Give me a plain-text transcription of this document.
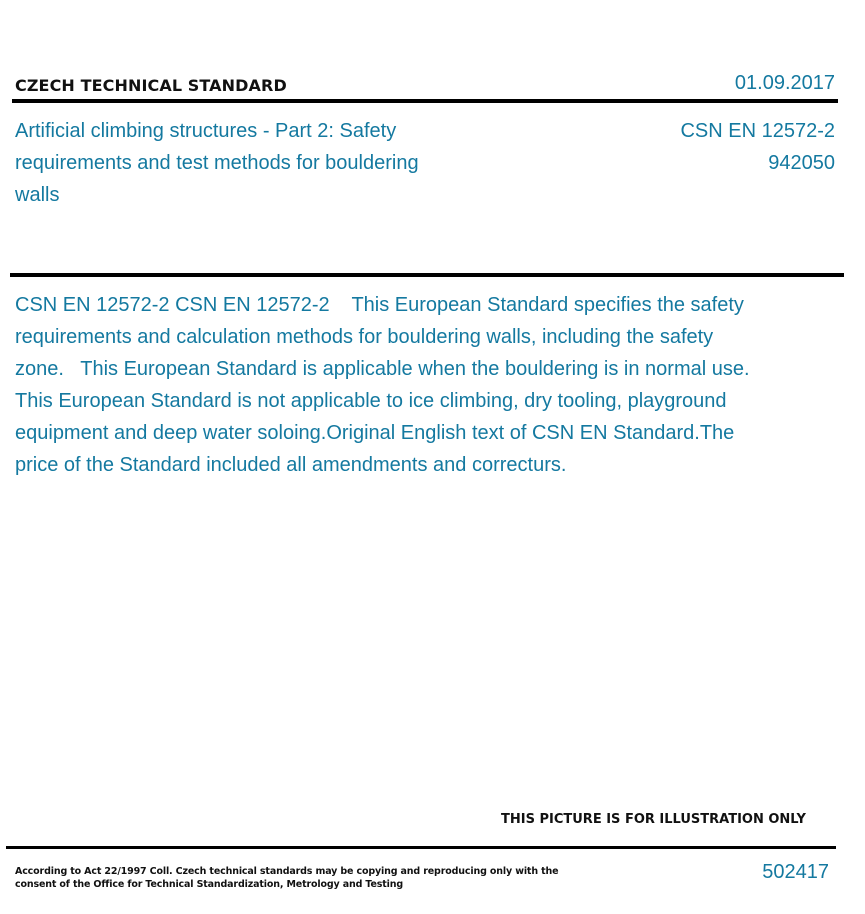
CZECH TECHNICAL STANDARD	01.09.2017
Artificial climbing structures - Part 2: Safety requirements and test methods for bouldering walls
CSN EN 12572-2
942050
CSN EN 12572-2 CSN EN 12572-2    This European Standard specifies the safety requirements and calculation methods for bouldering walls, including the safety zone.   This European Standard is applicable when the bouldering is in normal use.   This European Standard is not applicable to ice climbing, dry tooling, playground equipment and deep water soloing.Original English text of CSN EN Standard.The price of the Standard included all amendments and correcturs.
THIS PICTURE IS FOR ILLUSTRATION ONLY
According to Act 22/1997 Coll. Czech technical standards may be copying and reproducing only with the consent of the Office for Technical Standardization, Metrology and Testing
502417
